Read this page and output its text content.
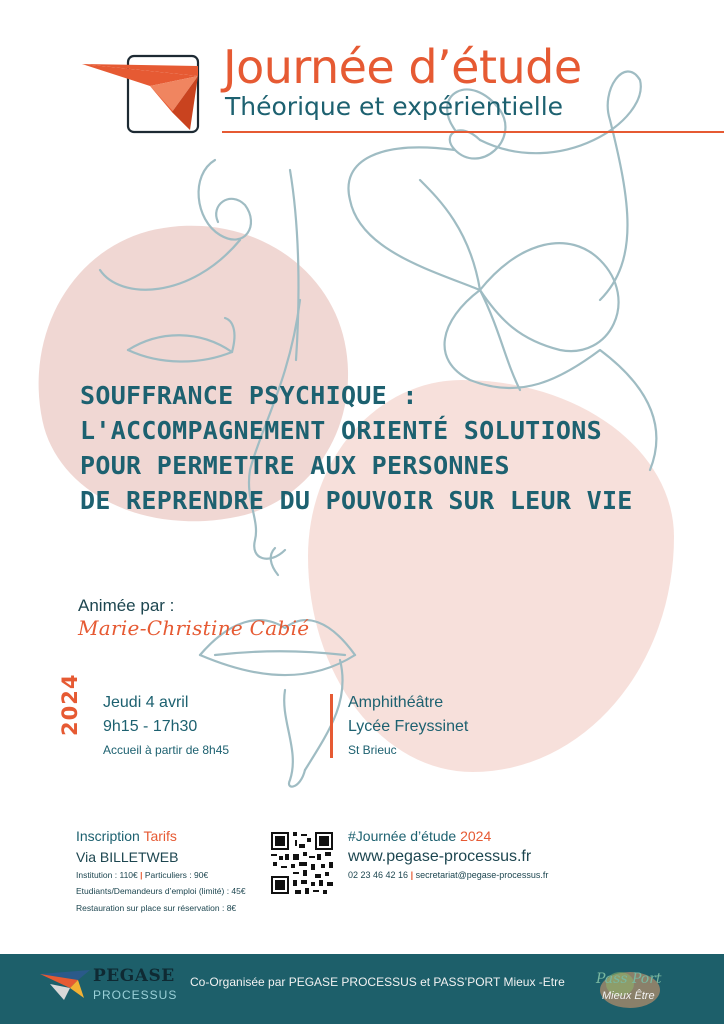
Journée d’étude
Théorique et expérientielle
SOUFFRANCE PSYCHIQUE :
L'ACCOMPAGNEMENT ORIENTÉ SOLUTIONS
POUR PERMETTRE AUX PERSONNES
DE REPRENDRE DU POUVOIR SUR LEUR VIE
Animée par :
Marie-Christine Cabié
2024 Jeudi 4 avril
9h15 - 17h30
Accueil à partir de 8h45
Amphithéâtre
Lycée Freyssinet
St Brieuc
Inscription Tarifs
Via BILLETWEB
Institution : 110€ | Particuliers : 90€
Etudiants/Demandeurs d’emploi (limité) : 45€
Restauration sur place sur réservation : 8€
#Journée d’étude 2024
www.pegase-processus.fr
02 23 46 42 16 | secretariat@pegase-processus.fr
PEGASE
PROCESSUS
Co-Organisée par PEGASE PROCESSUS et PASS’PORT Mieux -Etre Pass Port
Mieux Être
